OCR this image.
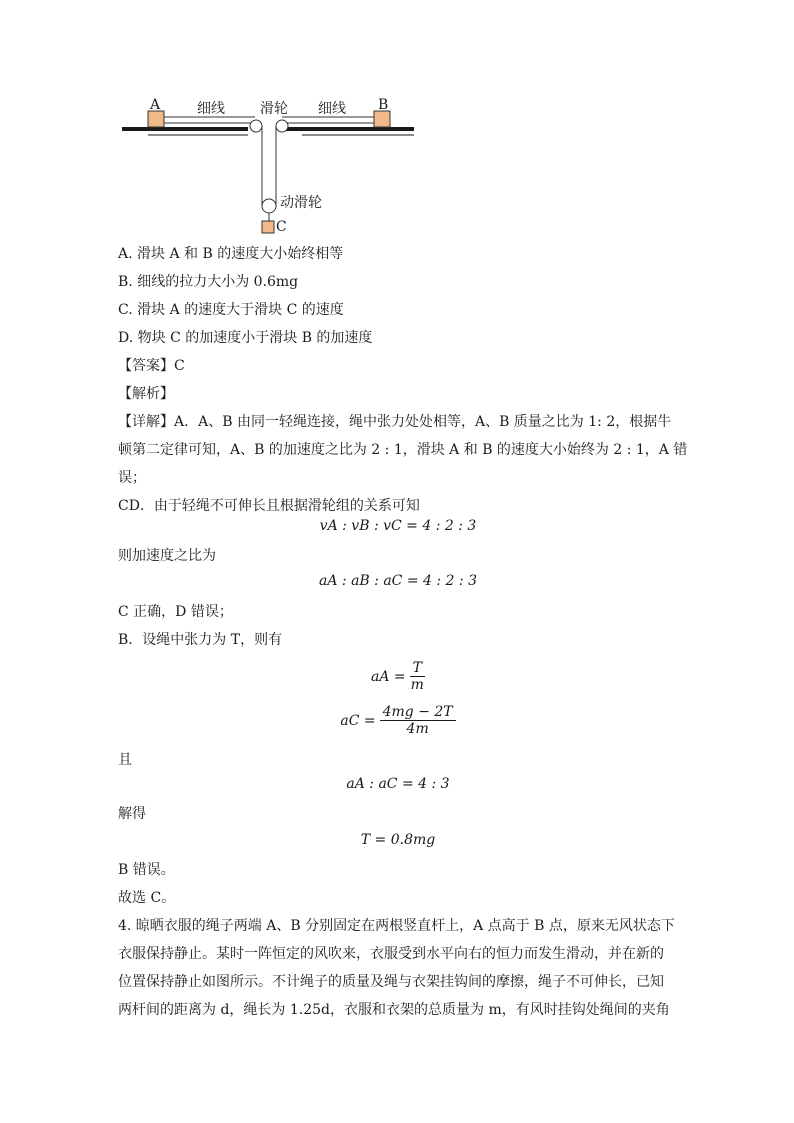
A	细线	滑轮 细线 B
动滑轮
C
A. 滑块 A 和 B 的速度大小始终相等
B. 细线的拉力大小为 0.6mg
C. 滑块 A 的速度大于滑块 C 的速度
D. 物块 C 的加速度小于滑块 B 的加速度
【答案】C
【解析】
【详解】A．A、B 由同一轻绳连接，绳中张力处处相等，A、B 质量之比为 1: 2，根据牛
顿第二定律可知，A、B 的加速度之比为 2 : 1，滑块 A 和 B 的速度大小始终为 2 : 1，A 错
误；
CD．由于轻绳不可伸长且根据滑轮组的关系可知
vA : vB : vC = 4 : 2 : 3
则加速度之比为
aA : aB : aC = 4 : 2 : 3
C 正确，D 错误；
B．设绳中张力为 T，则有
aA = $\frac{T}{m}$
aC = $\frac{4mg - 2T}{4m}$
且
aA : aC = 4 : 3
解得
T = 0.8mg
B 错误。
故选 C。
4. 晾晒衣服的绳子两端 A、B 分别固定在两根竖直杆上，A 点高于 B 点，原来无风状态下
衣服保持静止。某时一阵恒定的风吹来，衣服受到水平向右的恒力而发生滑动，并在新的
位置保持静止如图所示。不计绳子的质量及绳与衣架挂钩间的摩擦，绳子不可伸长，已知
两杆间的距离为 d，绳长为 1.25d，衣服和衣架的总质量为 m，有风时挂钩处绳间的夹角
